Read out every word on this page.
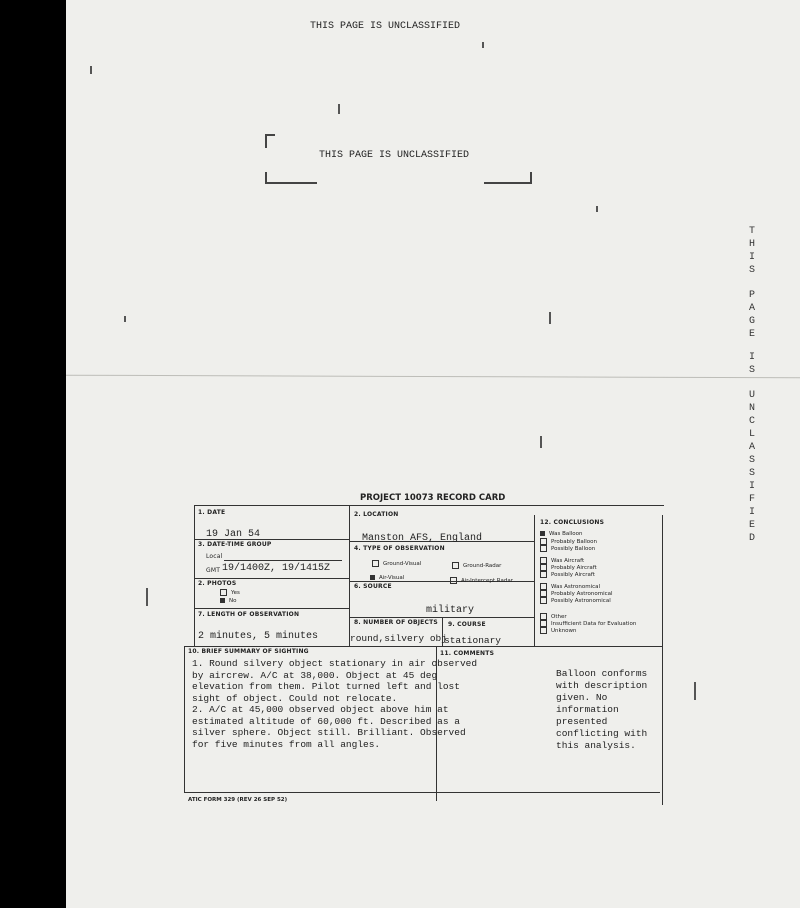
THIS PAGE IS UNCLASSIFIED
THIS PAGE IS UNCLASSIFIED
T
H
I
S
P
A
G
E
I
S
U
N
C
L
A
S
S
I
F
I
E
D
PROJECT 10073 RECORD CARD
1. DATE
19 Jan 54
2. LOCATION
Manston AFS, England
3. DATE-TIME GROUP
Local
GMT 19/1400Z, 19/1415Z
4. TYPE OF OBSERVATION
Ground-Visual	Ground-Radar
Air-Visual	Air-Intercept Radar
2. PHOTOS
Yes
No
6. SOURCE
military
7. LENGTH OF OBSERVATION
2 minutes, 5 minutes
8. NUMBER OF OBJECTS
round,silvery obj
9. COURSE
stationary
12. CONCLUSIONS
Was Balloon
Probably Balloon
Possibly Balloon
Was Aircraft
Probably Aircraft
Possibly Aircraft
Was Astronomical
Probably Astronomical
Possibly Astronomical
Other
Insufficient Data for Evaluation
Unknown
10. BRIEF SUMMARY OF SIGHTING
1. Round silvery object stationary in air observed
by aircrew. A/C at 38,000. Object at 45 deg
elevation from them. Pilot turned left and lost
sight of object. Could not relocate.
2. A/C at 45,000 observed object above him at
estimated altitude of 60,000 ft. Described as a
silver sphere. Object still. Brilliant. Observed
for five minutes from all angles.
11. COMMENTS
Balloon conforms with description
given. No information presented
conflicting with this analysis.
ATIC FORM 329 (REV 26 SEP 52)
